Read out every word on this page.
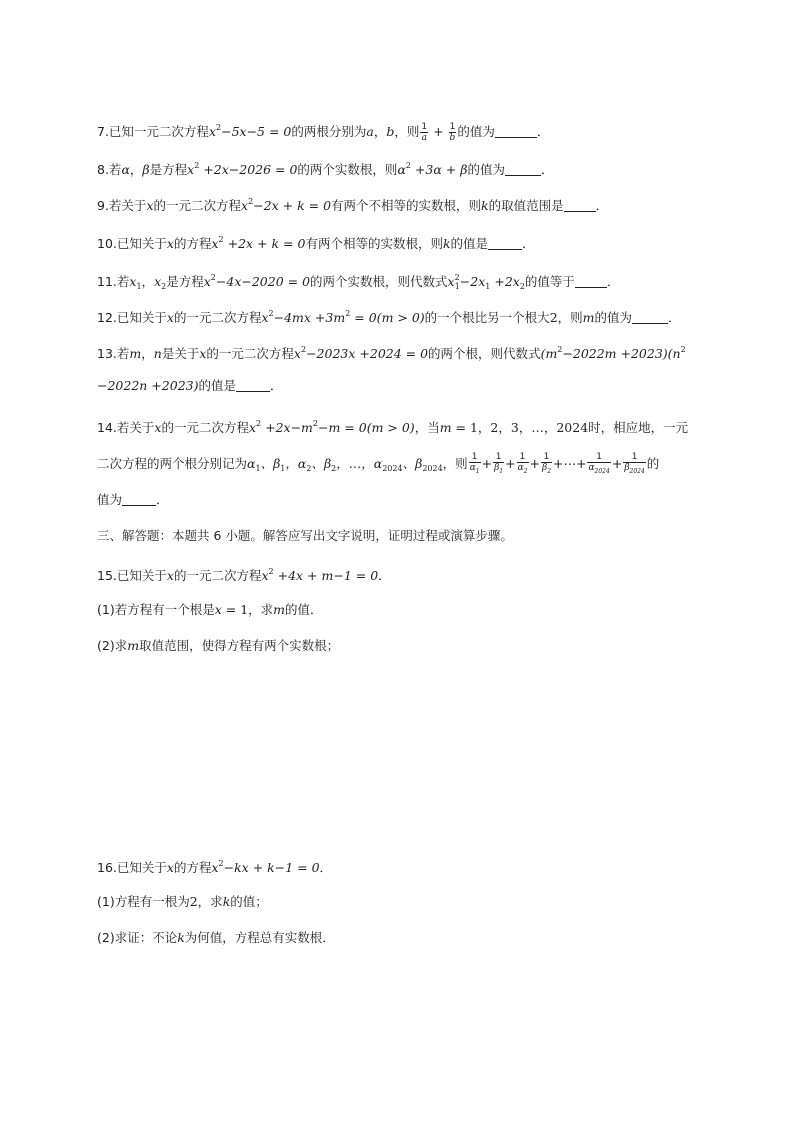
7.已知一元二次方程$x^2-5x-5 = 0$的两根分别为a，b，则 $\frac{1}{a} + \frac{1}{b}$ 的值为	．
8.若α，β是方程$x^2 +2x-2026 = 0$的两个实数根，则$\alpha^2 +3\alpha + \beta$的值为	．
9.若关于x的一元二次方程$x^2-2x + k = 0$有两个不相等的实数根，则k的取值范围是	．
10.已知关于x的方程$x^2 +2x + k = 0$有两个相等的实数根，则k的值是	．
11.若$x_1$，$x_2$是方程$x^2-4x-2020 = 0$的两个实数根，则代数式$x^2_1-2x_1 +2x_2$的值等于	．
12.已知关于x的一元二次方程$x^2-4mx +3m^2 = 0(m > 0)$的一个根比另一个根大2，则m的值为	．
13.若m，n是关于x的一元二次方程$x^2-2023x +2024 = 0$的两个根，则代数式$(m^2-2022m +2023)(n^2$
−2022n +2023)的值是	．
14.若关于x的一元二次方程$x^2 +2x-m^2-m = 0(m > 0)$，当m = 1，2，3，…，2024时，相应地，一元
二次方程的两个根分别记为$\alpha_1$、$\beta_1$，$\alpha_2$、$\beta_2$，…，$\alpha_{2024}$、$\beta_{2024}$，则 $\frac{1}{\alpha_1} + \frac{1}{\beta_1} + \frac{1}{\alpha_2} + \frac{1}{\beta_2}$ +⋯+ $\frac{1}{\alpha_{2024}} + \frac{1}{\beta_{2024}}$ 的
值为	．
三、解答题：本题共 6 小题。解答应写出文字说明，证明过程或演算步骤。
15.已知关于x的一元二次方程$x^2 +4x + m-1 = 0$．
(1)若方程有一个根是x = 1，求m的值．
(2)求m取值范围，使得方程有两个实数根；
16.已知关于x的方程$x^2-kx + k-1 = 0$．
(1)方程有一根为2，求k的值；
(2)求证：不论k为何值，方程总有实数根．
